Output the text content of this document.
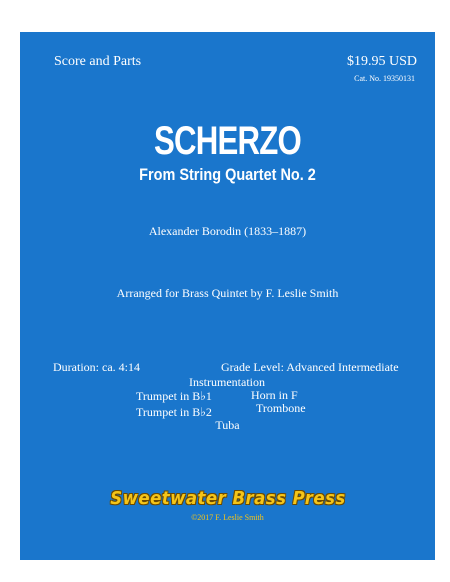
Score and Parts	$19.95 USD
Cat. No. 19350131
SCHERZO
From String Quartet No. 2
Alexander Borodin (1833–1887)
Arranged for Brass Quintet by F. Leslie Smith
Duration: ca. 4:14	Grade Level: Advanced Intermediate
Instrumentation
Trumpet in B♭1	Horn in F
Trumpet in B♭2	Trombone
Tuba
Sweetwater Brass Press
©2017 F. Leslie Smith
